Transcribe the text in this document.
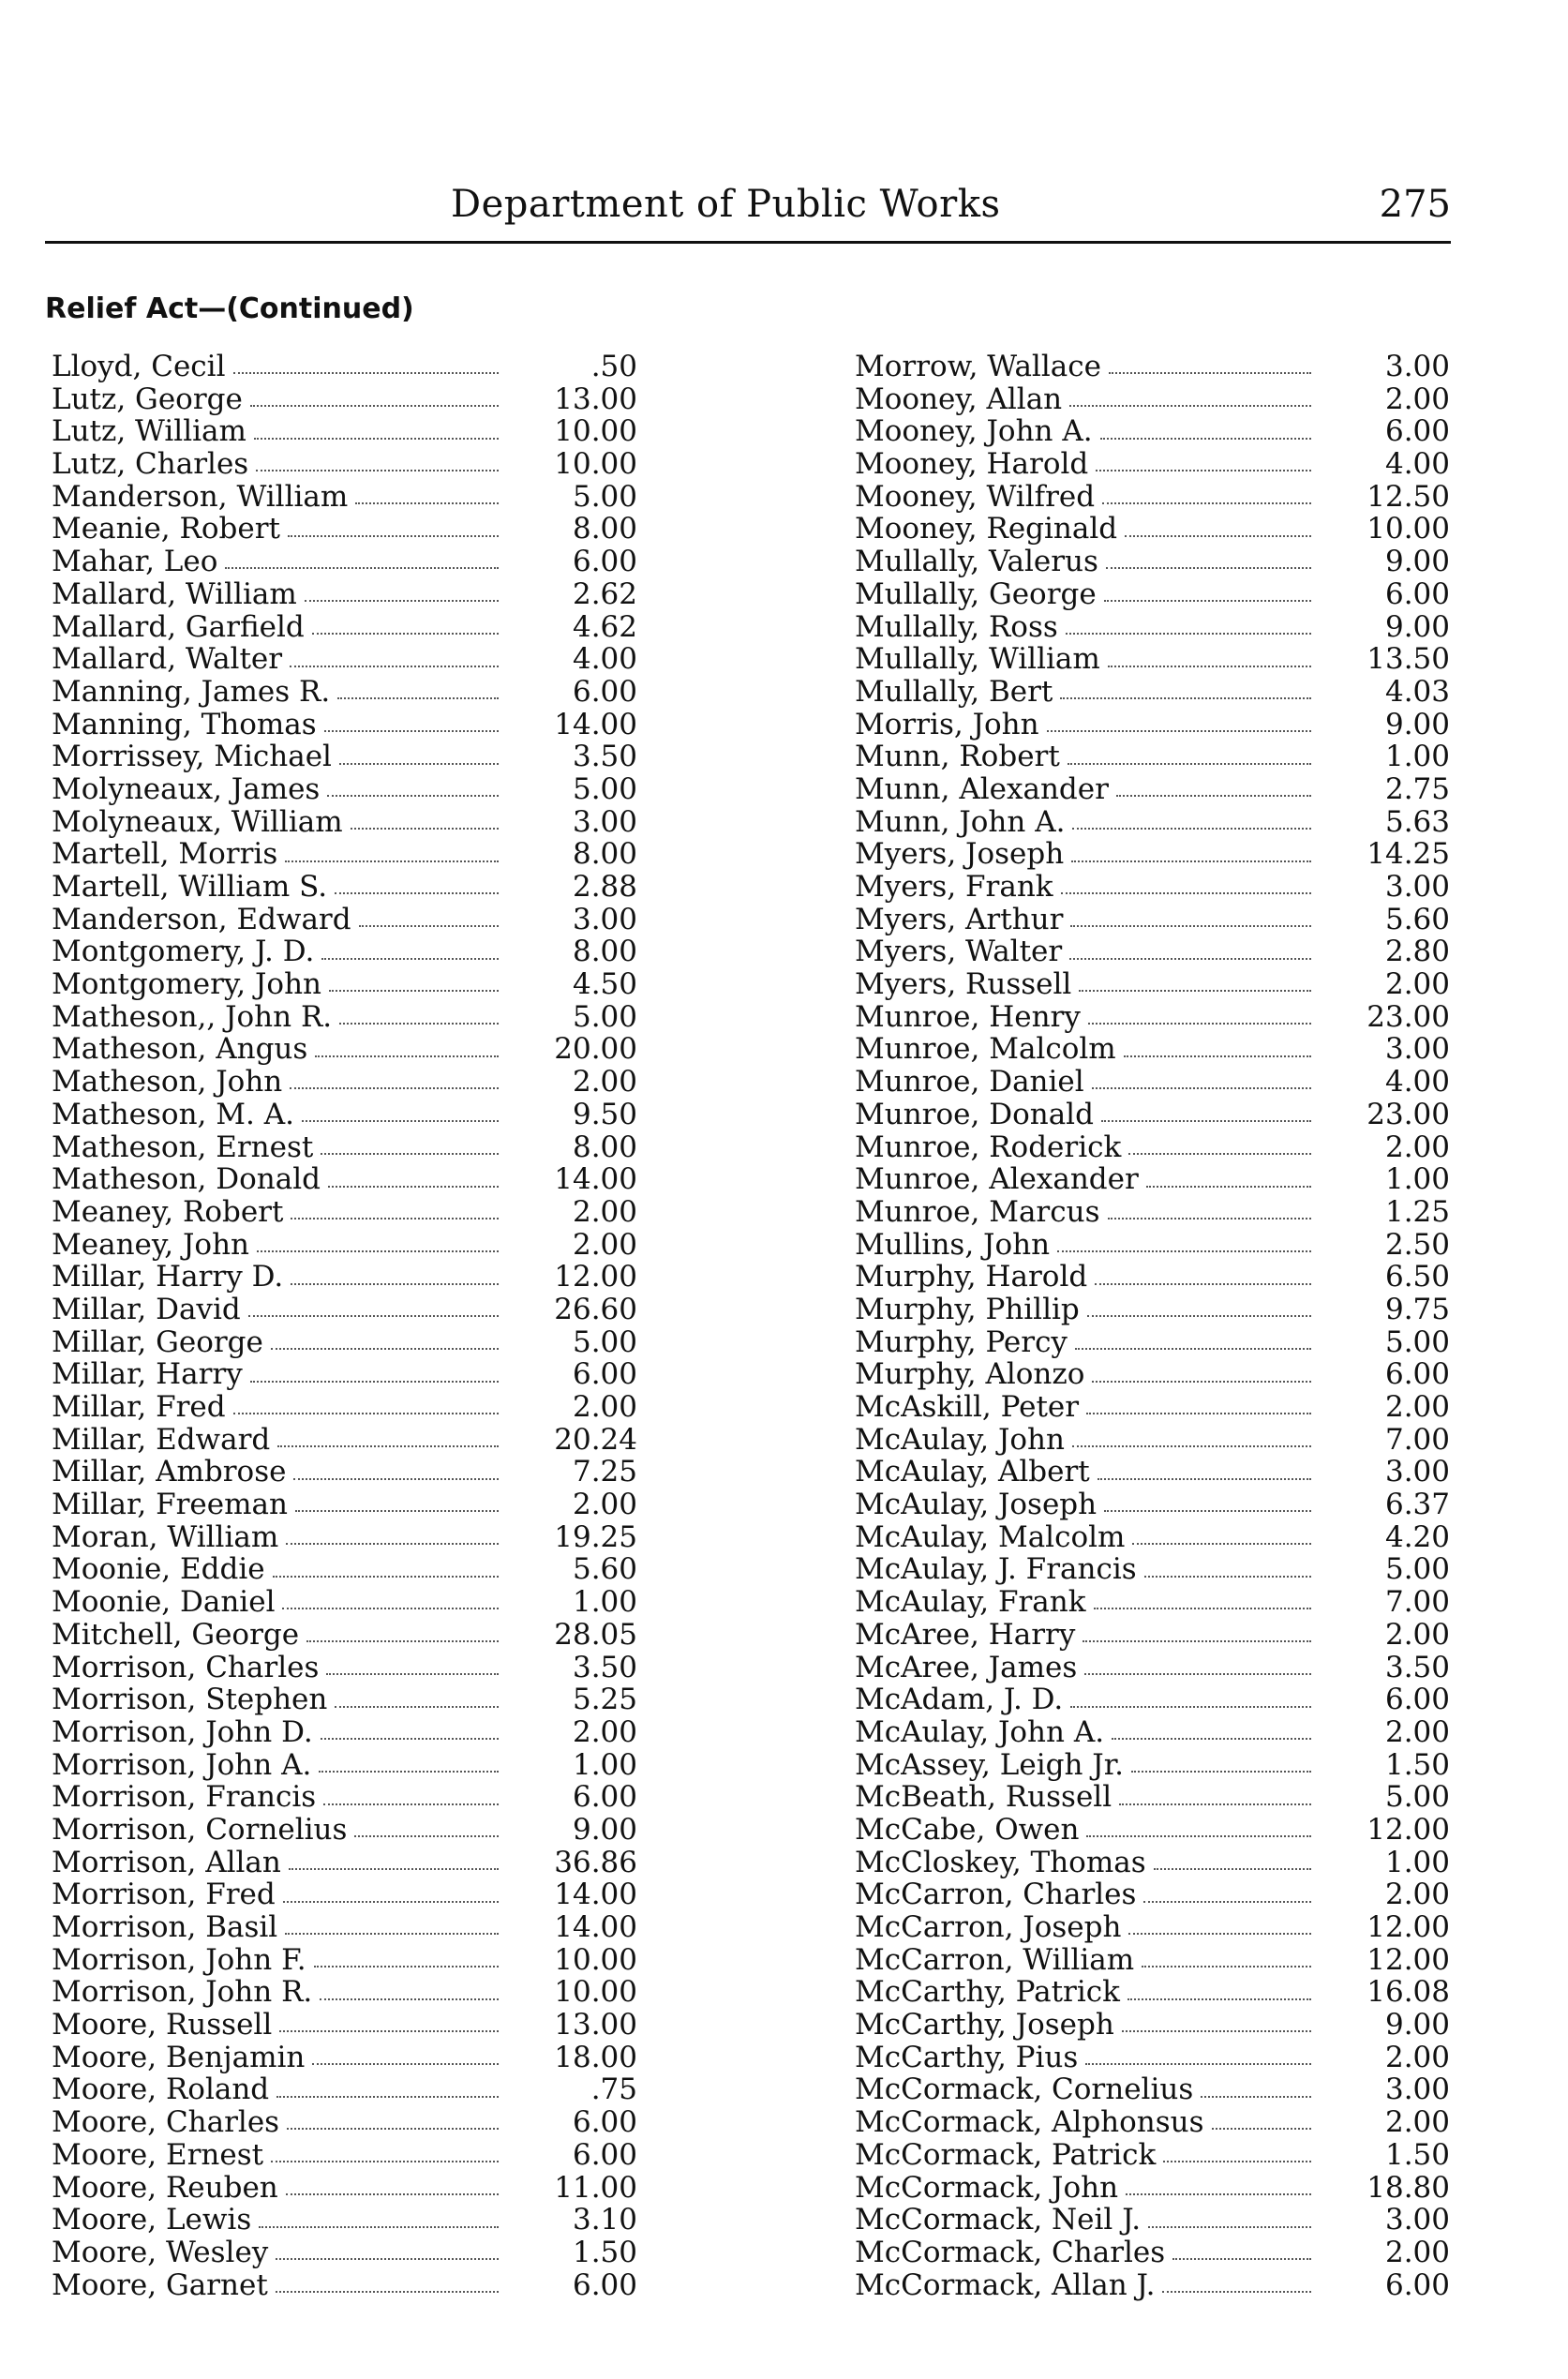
Department of Public Works	275
Relief Act—(Continued)
Lloyd, Cecil	.50
Lutz, George	13.00
Lutz, William	10.00
Lutz, Charles	10.00
Manderson, William	5.00
Meanie, Robert	8.00
Mahar, Leo	6.00
Mallard, William	2.62
Mallard, Garfield	4.62
Mallard, Walter	4.00
Manning, James R.	6.00
Manning, Thomas	14.00
Morrissey, Michael	3.50
Molyneaux, James	5.00
Molyneaux, William	3.00
Martell, Morris	8.00
Martell, William S.	2.88
Manderson, Edward	3.00
Montgomery, J. D.	8.00
Montgomery, John	4.50
Matheson,, John R.	5.00
Matheson, Angus	20.00
Matheson, John	2.00
Matheson, M. A.	9.50
Matheson, Ernest	8.00
Matheson, Donald	14.00
Meaney, Robert	2.00
Meaney, John	2.00
Millar, Harry D.	12.00
Millar, David	26.60
Millar, George	5.00
Millar, Harry	6.00
Millar, Fred	2.00
Millar, Edward	20.24
Millar, Ambrose	7.25
Millar, Freeman	2.00
Moran, William	19.25
Moonie, Eddie	5.60
Moonie, Daniel	1.00
Mitchell, George	28.05
Morrison, Charles	3.50
Morrison, Stephen	5.25
Morrison, John D.	2.00
Morrison, John A.	1.00
Morrison, Francis	6.00
Morrison, Cornelius	9.00
Morrison, Allan	36.86
Morrison, Fred	14.00
Morrison, Basil	14.00
Morrison, John F.	10.00
Morrison, John R.	10.00
Moore, Russell	13.00
Moore, Benjamin	18.00
Moore, Roland	.75
Moore, Charles	6.00
Moore, Ernest	6.00
Moore, Reuben	11.00
Moore, Lewis	3.10
Moore, Wesley	1.50
Moore, Garnet	6.00
Morrow, Wallace	3.00
Mooney, Allan	2.00
Mooney, John A.	6.00
Mooney, Harold	4.00
Mooney, Wilfred	12.50
Mooney, Reginald	10.00
Mullally, Valerus	9.00
Mullally, George	6.00
Mullally, Ross	9.00
Mullally, William	13.50
Mullally, Bert	4.03
Morris, John	9.00
Munn, Robert	1.00
Munn, Alexander	2.75
Munn, John A.	5.63
Myers, Joseph	14.25
Myers, Frank	3.00
Myers, Arthur	5.60
Myers, Walter	2.80
Myers, Russell	2.00
Munroe, Henry	23.00
Munroe, Malcolm	3.00
Munroe, Daniel	4.00
Munroe, Donald	23.00
Munroe, Roderick	2.00
Munroe, Alexander	1.00
Munroe, Marcus	1.25
Mullins, John	2.50
Murphy, Harold	6.50
Murphy, Phillip	9.75
Murphy, Percy	5.00
Murphy, Alonzo	6.00
McAskill, Peter	2.00
McAulay, John	7.00
McAulay, Albert	3.00
McAulay, Joseph	6.37
McAulay, Malcolm	4.20
McAulay, J. Francis	5.00
McAulay, Frank	7.00
McAree, Harry	2.00
McAree, James	3.50
McAdam, J. D.	6.00
McAulay, John A.	2.00
McAssey, Leigh Jr.	1.50
McBeath, Russell	5.00
McCabe, Owen	12.00
McCloskey, Thomas	1.00
McCarron, Charles	2.00
McCarron, Joseph	12.00
McCarron, William	12.00
McCarthy, Patrick	16.08
McCarthy, Joseph	9.00
McCarthy, Pius	2.00
McCormack, Cornelius	3.00
McCormack, Alphonsus	2.00
McCormack, Patrick	1.50
McCormack, John	18.80
McCormack, Neil J.	3.00
McCormack, Charles	2.00
McCormack, Allan J.	6.00
